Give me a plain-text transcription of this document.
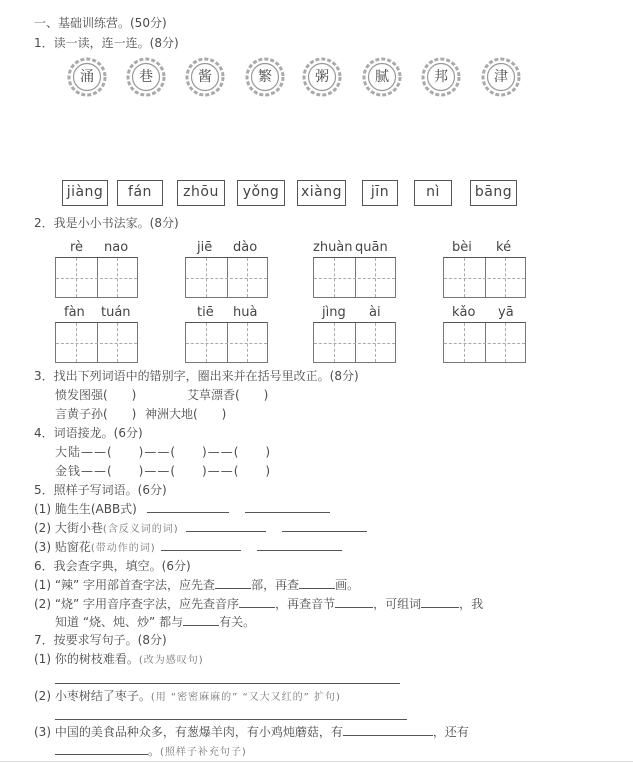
一、基础训练营。(50分)
1．读一读，连一连。(8分)
涌	巷	酱	繁	粥	腻	邦	津
jiàng	fán	zhōu	yǒng	xiàng	jīn	nì	bāng
2．我是小小书法家。(8分)
rè nao	jiē dào	zhuàn quān	bèi ké
fàn tuán	tiē huà	jìng ài	kǎo yā
3．找出下列词语中的错别字，圈出来并在括号里改正。(8分)
愤发图强(　　)	艾草漂香(　　)
言黄子孙(　　) 神洲大地(　　)
4．词语接龙。(6分)
大陆——(　　)——(　　)——(　　)
金钱——(　　)——(　　)——(　　)
5．照样子写词语。(6分)
(1) 脆生生(ABB式)
(2) 大街小巷(含反义词的词)
(3) 贴窗花(带动作的词)
6．我会查字典，填空。(6分)
(1) “辣” 字用部首查字法，应先查	部，再查	画。
(2) “烧” 字用音序查字法，应先查音序	，再查音节	，可组词	，我
知道 “烧、炖、炒” 都与	有关。
7．按要求写句子。(8分)
(1) 你的树枝难看。(改为感叹句)
(2) 小枣树结了枣子。(用 “密密麻麻的” “又大又红的” 扩句)
(3) 中国的美食品种众多，有葱爆羊肉，有小鸡炖蘑菇，有	，还有
。(照样子补充句子)
